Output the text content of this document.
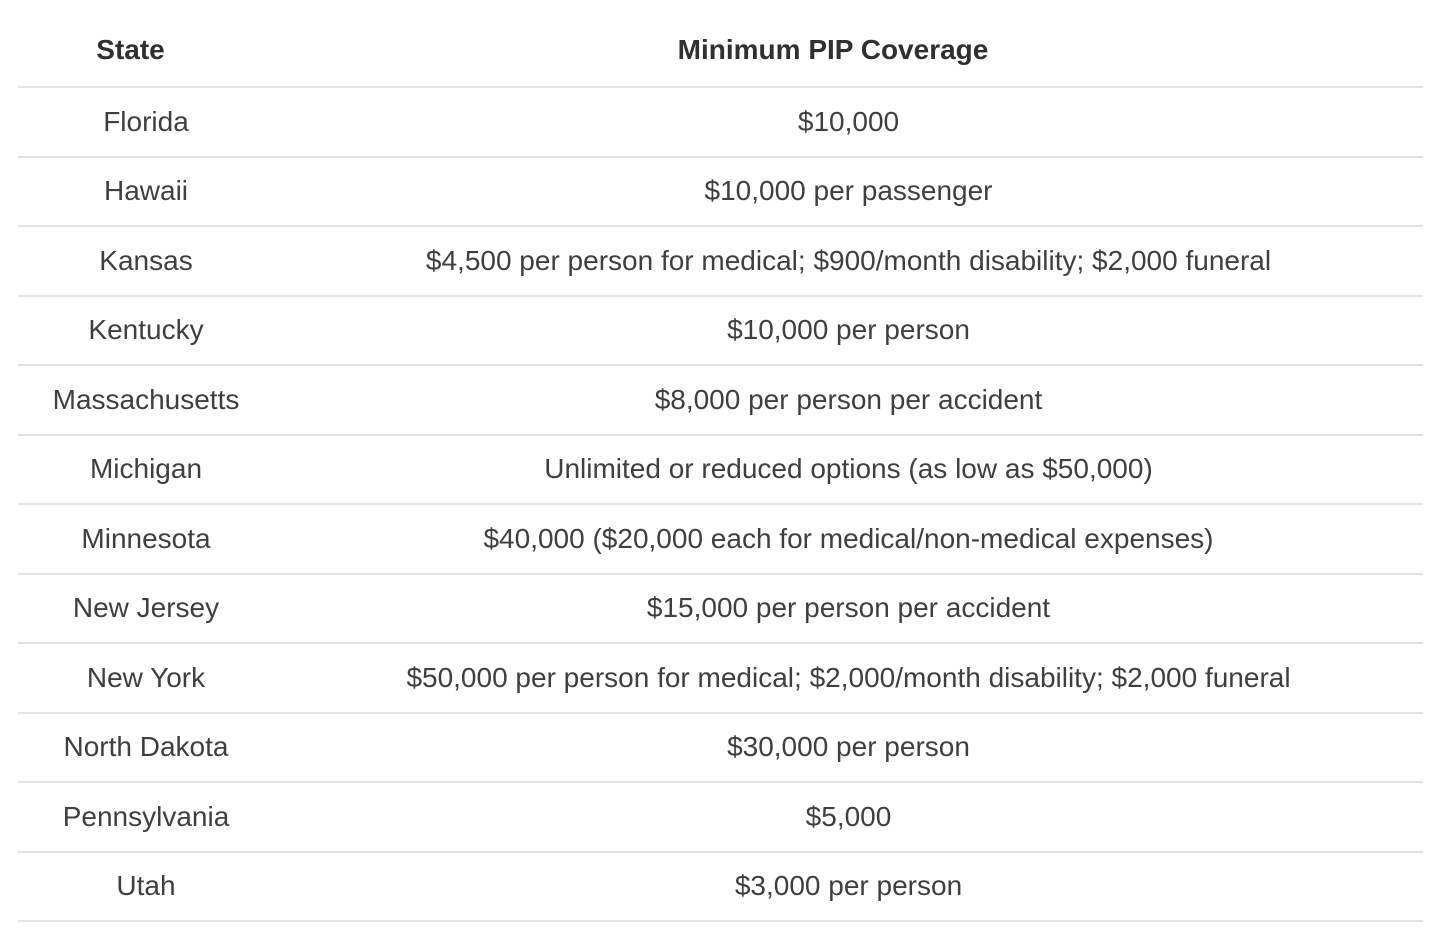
State	Minimum PIP Coverage
Florida	$10,000
Hawaii	$10,000 per passenger
Kansas	$4,500 per person for medical; $900/month disability; $2,000 funeral
Kentucky	$10,000 per person
Massachusetts	$8,000 per person per accident
Michigan	Unlimited or reduced options (as low as $50,000)
Minnesota	$40,000 ($20,000 each for medical/non-medical expenses)
New Jersey	$15,000 per person per accident
New York	$50,000 per person for medical; $2,000/month disability; $2,000 funeral
North Dakota	$30,000 per person
Pennsylvania	$5,000
Utah	$3,000 per person
